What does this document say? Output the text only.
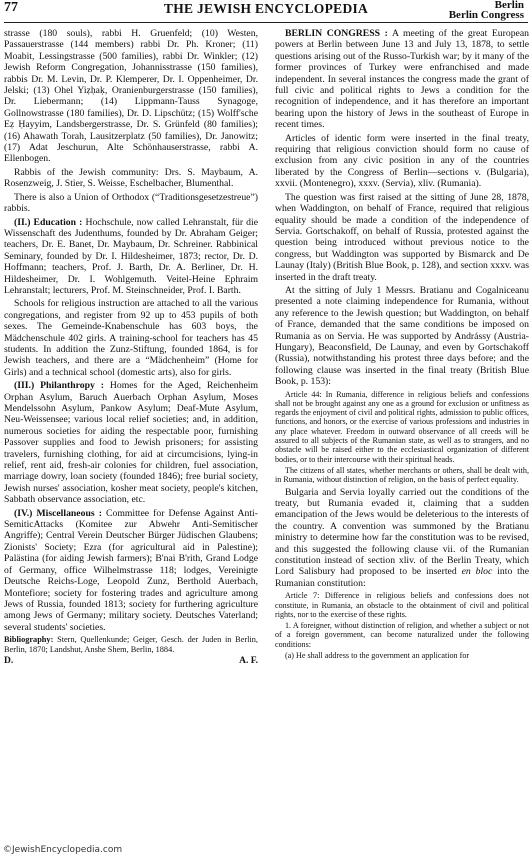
77	THE JEWISH ENCYCLOPEDIA	Berlin
Berlin Congress

strasse (180 souls), rabbi H. Gruenfeld; (10) Westen, Passauerstrasse (144 members) rabbi Dr. Ph. Kroner; (11) Moabit, Lessingstrasse (500 families), rabbi Dr. Winkler; (12) Jewish Reform Congregation, Johannisstrasse (150 families), rabbis Dr. M. Levin, Dr. P. Klemperer, Dr. I. Oppenheimer, Dr. Jelski; (13) Ohel Yiẓḥaḳ, Oranienburgerstrasse (150 families), Dr. Liebermann; (14) Lippmann-Tauss Synagoge, Gollnowstrasse (180 families), Dr. D. Lipschütz; (15) Wolff'sche Eẓ Ḥayyim, Landsbergerstrasse, Dr. S. Grünfeld (80 families); (16) Ahawath Torah, Lausitzerplatz (50 families), Dr. Janowitz; (17) Adat Jeschurun, Alte Schönhauserstrasse, rabbi A. Ellenbogen.

Rabbis of the Jewish community: Drs. S. Maybaum, A. Rosenzweig, J. Stier, S. Weisse, Eschelbacher, Blumenthal.

There is also a Union of Orthodox (“Traditionsgesetzestreue”) rabbis.

(II.) Education : Hochschule, now called Lehranstalt, für die Wissenschaft des Judenthums, founded by Dr. Abraham Geiger; teachers, Dr. E. Banet, Dr. Maybaum, Dr. Schreiner. Rabbinical Seminary, founded by Dr. I. Hildesheimer, 1873; rector, Dr. D. Hoffmann; teachers, Prof. J. Barth, Dr. A. Berliner, Dr. H. Hildesheimer, Dr. I. Wohlgemuth. Veitel-Heine Ephraim Lehranstalt; lecturers, Prof. M. Steinschneider, Prof. I. Barth.

Schools for religious instruction are attached to all the various congregations, and register from 92 up to 453 pupils of both sexes. The Gemeinde-Knabenschule has 603 boys, the Mädchenschule 402 girls. A training-school for teachers has 45 students. In addition the Zunz-Stiftung, founded 1864, is for Jewish teachers, and there are a “Mädchenheim” (Home for Girls) and a technical school (domestic arts), also for girls.

(III.) Philanthropy : Homes for the Aged, Reichenheim Orphan Asylum, Baruch Auerbach Orphan Asylum, Moses Mendelssohn Asylum, Pankow Asylum; Deaf-Mute Asylum, Neu-Weissensee; various local relief societies; and, in addition, numerous societies for aiding the respectable poor, furnishing Passover supplies and food to Jewish prisoners; for assisting travelers, furnishing clothing, for aid at circumcisions, lying-in relief, rent aid, fresh-air colonies for children, fuel association, marriage dowry, loan society (founded 1846); free burial society, Jewish nurses' association, kosher meat society, people's kitchen, Sabbath observance association, etc.

(IV.) Miscellaneous : Committee for Defense Against Anti-SemiticAttacks (Komitee zur Abwehr Anti-Semitischer Angriffe); Central Verein Deutscher Bürger Jüdischen Glaubens; Zionists' Society; Ezra (for agricultural aid in Palestine); Palästina (for aiding Jewish farmers); B'nai B'rith, Grand Lodge of Germany, office Wilhelmstrasse 118; lodges, Vereinigte Deutsche Reichs-Loge, Leopold Zunz, Berthold Auerbach, Montefiore; society for fostering trades and agriculture among Jews of Russia, founded 1813; society for furthering agriculture among Jews of Germany; military society. Deutsches Vaterland; several students' societies.

Bibliography: Stern, Quellenkunde; Geiger, Gesch. der Juden in Berlin, Berlin, 1870; Landshut, Anshe Shem, Berlin, 1884.

D.	A. F.

BERLIN CONGRESS : A meeting of the great European powers at Berlin between June 13 and July 13, 1878, to settle questions arising out of the Russo-Turkish war; by it many of the former provinces of Turkey were enfranchised and made independent. In several instances the congress made the grant of full civic and political rights to Jews a condition for the recognition of independence, and it has therefore an important bearing upon the history of Jews in the southeast of Europe in recent times.

Articles of identic form were inserted in the final treaty, requiring that religious conviction should form no cause of exclusion from any civic position in any of the countries liberated by the Congress of Berlin—sections v. (Bulgaria), xxvii. (Montenegro), xxxv. (Servia), xliv. (Rumania).

The question was first raised at the sitting of June 28, 1878, when Waddington, on behalf of France, required that religious equality should be made a condition of the independence of Servia. Gortschakoff, on behalf of Russia, protested against the question being introduced without previous notice to the congress, but Waddington was supported by Bismarck and De Launay (Italy) (British Blue Book, p. 128), and section xxxv. was inserted in the draft treaty.

At the sitting of July 1 Messrs. Bratianu and Cogalniceanu presented a note claiming independence for Rumania, without any reference to the Jewish question; but Waddington, on behalf of France, demanded that the same conditions be imposed on Rumania as on Servia. He was supported by Andrássy (Austria-Hungary), Beaconsfield, De Launay, and even by Gortschakoff (Russia), notwithstanding his protest three days before; and the following clause was inserted in the final treaty (British Blue Book, p. 153):

Article 44: In Rumania, difference in religious beliefs and confessions shall not be brought against any one as a ground for exclusion or unfitness as regards the enjoyment of civil and political rights, admission to public offices, functions, and honors, or the exercise of various professions and industries in any place whatever. Freedom in outward observance of all creeds will be assured to all subjects of the Rumanian state, as well as to strangers, and no obstacle will be raised either to the ecclesiastical organization of different bodies, or to their intercourse with their spiritual heads.

The citizens of all states, whether merchants or others, shall be dealt with, in Rumania, without distinction of religion, on the basis of perfect equality.

Bulgaria and Servia loyally carried out the conditions of the treaty, but Rumania evaded it, claiming that a sudden emancipation of the Jews would be deleterious to the interests of the country. A convention was summoned by the Bratianu ministry to determine how far the constitution was to be revised, and this suggested the following clause vii. of the Rumanian constitution instead of section xliv. of the Berlin Treaty, which Lord Salisbury had proposed to be inserted en bloc into the Rumanian constitution:

Article 7: Difference in religious beliefs and confessions does not constitute, in Rumania, an obstacle to the obtainment of civil and political rights, nor to the exercise of these rights.

1. A foreigner, without distinction of religion, and whether a subject or not of a foreign government, can become naturalized under the following conditions:

(a) He shall address to the government an application for

©JewishEncyclopedia.com
